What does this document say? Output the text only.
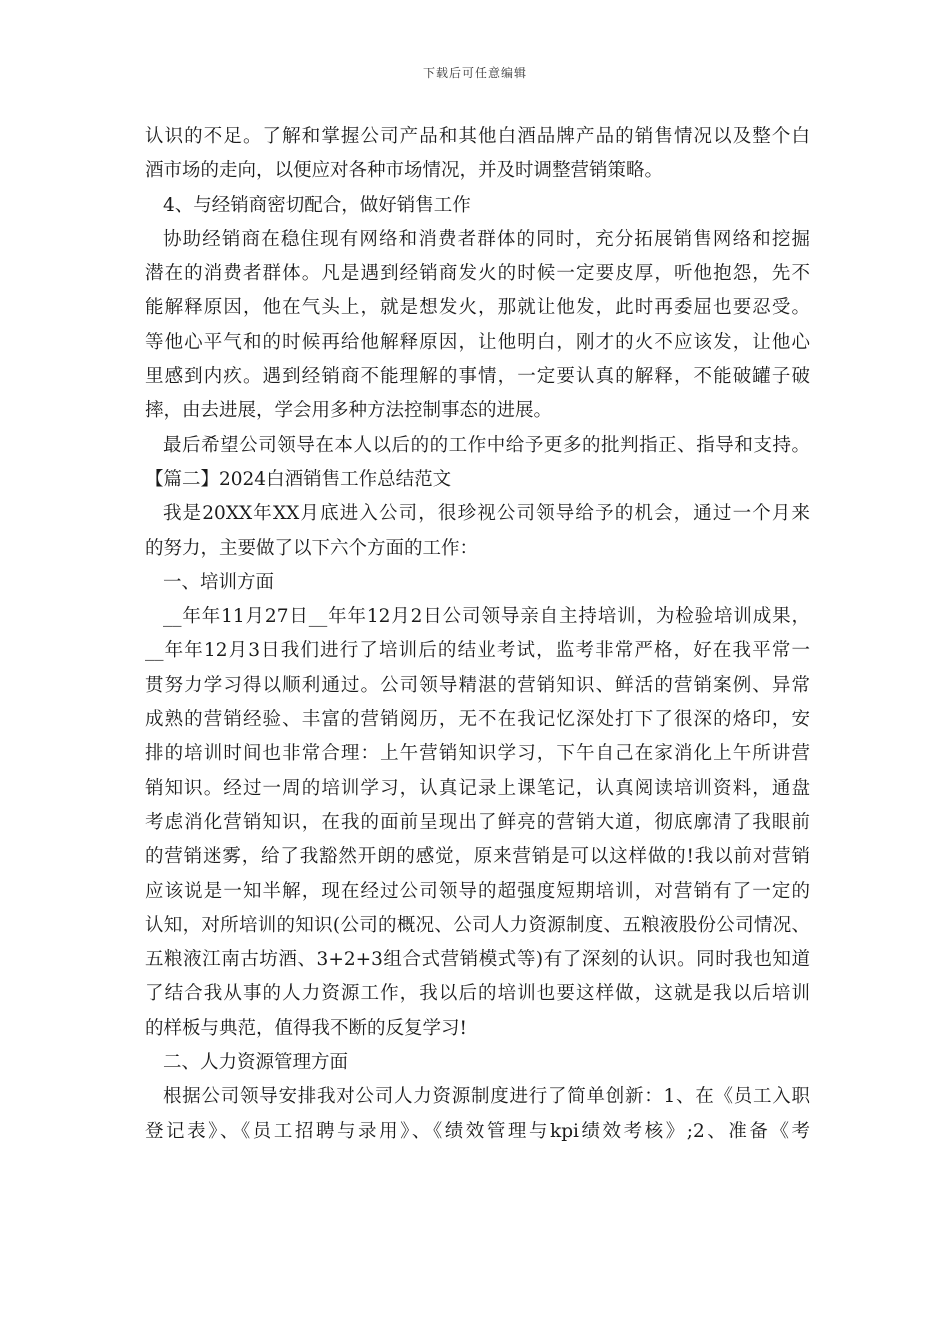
下载后可任意编辑
认识的不足。了解和掌握公司产品和其他白酒品牌产品的销售情况以及整个白
酒市场的走向，以便应对各种市场情况，并及时调整营销策略。
4、与经销商密切配合，做好销售工作
协助经销商在稳住现有网络和消费者群体的同时，充分拓展销售网络和挖掘
潜在的消费者群体。凡是遇到经销商发火的时候一定要皮厚，听他抱怨，先不
能解释原因，他在气头上，就是想发火，那就让他发，此时再委屈也要忍受。
等他心平气和的时候再给他解释原因，让他明白，刚才的火不应该发，让他心
里感到内疚。遇到经销商不能理解的事情，一定要认真的解释，不能破罐子破
摔，由去进展，学会用多种方法控制事态的进展。
最后希望公司领导在本人以后的的工作中给予更多的批判指正、指导和支持。
【篇二】2024白酒销售工作总结范文
我是20XX年XX月底进入公司，很珍视公司领导给予的机会，通过一个月来
的努力，主要做了以下六个方面的工作：
一、培训方面
__年年11月27日__年年12月2日公司领导亲自主持培训，为检验培训成果，
__年年12月3日我们进行了培训后的结业考试，监考非常严格，好在我平常一
贯努力学习得以顺利通过。公司领导精湛的营销知识、鲜活的营销案例、异常
成熟的营销经验、丰富的营销阅历，无不在我记忆深处打下了很深的烙印，安
排的培训时间也非常合理：上午营销知识学习，下午自己在家消化上午所讲营
销知识。经过一周的培训学习，认真记录上课笔记，认真阅读培训资料，通盘
考虑消化营销知识，在我的面前呈现出了鲜亮的营销大道，彻底廓清了我眼前
的营销迷雾，给了我豁然开朗的感觉，原来营销是可以这样做的!我以前对营销
应该说是一知半解，现在经过公司领导的超强度短期培训，对营销有了一定的
认知，对所培训的知识(公司的概况、公司人力资源制度、五粮液股份公司情况、
五粮液江南古坊酒、3+2+3组合式营销模式等)有了深刻的认识。同时我也知道
了结合我从事的人力资源工作，我以后的培训也要这样做，这就是我以后培训
的样板与典范，值得我不断的反复学习!
二、人力资源管理方面
根据公司领导安排我对公司人力资源制度进行了简单创新：1、在《员工入职
登记表》、《员工招聘与录用》、《绩效管理与kpi绩效考核》;2、准备《考
